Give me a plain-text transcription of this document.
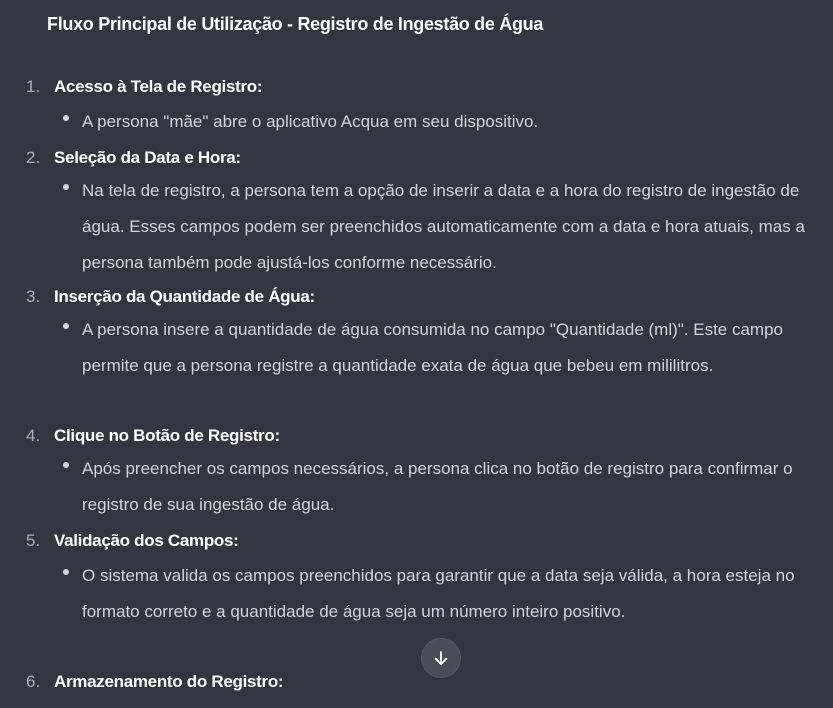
Fluxo Principal de Utilização - Registro de Ingestão de Água
1. Acesso à Tela de Registro:
A persona "mãe" abre o aplicativo Acqua em seu dispositivo.
2. Seleção da Data e Hora:
Na tela de registro, a persona tem a opção de inserir a data e a hora do registro de ingestão de água. Esses campos podem ser preenchidos automaticamente com a data e hora atuais, mas a persona também pode ajustá-los conforme necessário.
3. Inserção da Quantidade de Água:
A persona insere a quantidade de água consumida no campo "Quantidade (ml)". Este campo permite que a persona registre a quantidade exata de água que bebeu em mililitros.
4. Clique no Botão de Registro:
Após preencher os campos necessários, a persona clica no botão de registro para confirmar o registro de sua ingestão de água.
5. Validação dos Campos:
O sistema valida os campos preenchidos para garantir que a data seja válida, a hora esteja no formato correto e a quantidade de água seja um número inteiro positivo.
6. Armazenamento do Registro:
